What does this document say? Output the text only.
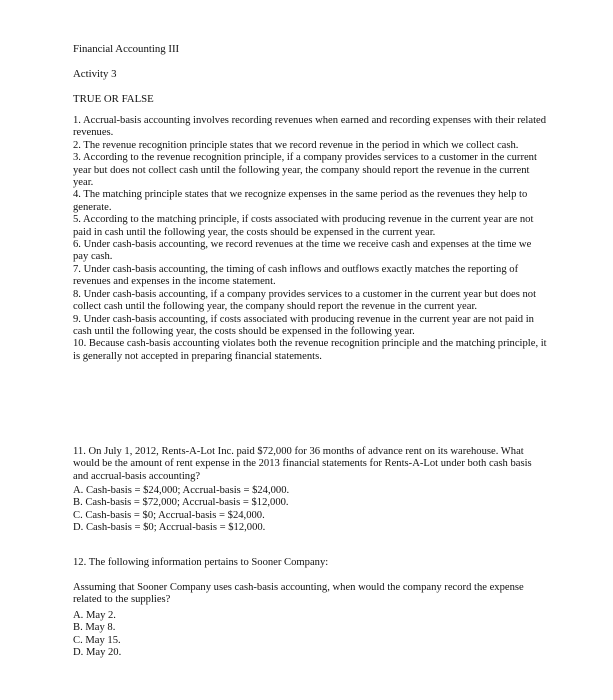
Financial Accounting III

Activity 3

TRUE OR FALSE

1. Accrual-basis accounting involves recording revenues when earned and recording expenses with their related revenues.

2. The revenue recognition principle states that we record revenue in the period in which we collect cash.

3. According to the revenue recognition principle, if a company provides services to a customer in the current year but does not collect cash until the following year, the company should report the revenue in the current year.

4. The matching principle states that we recognize expenses in the same period as the revenues they help to generate.

5. According to the matching principle, if costs associated with producing revenue in the current year are not paid in cash until the following year, the costs should be expensed in the current year.

6. Under cash-basis accounting, we record revenues at the time we receive cash and expenses at the time we pay cash.

7. Under cash-basis accounting, the timing of cash inflows and outflows exactly matches the reporting of revenues and expenses in the income statement.

8. Under cash-basis accounting, if a company provides services to a customer in the current year but does not collect cash until the following year, the company should report the revenue in the current year.

9. Under cash-basis accounting, if costs associated with producing revenue in the current year are not paid in cash until the following year, the costs should be expensed in the following year.

10. Because cash-basis accounting violates both the revenue recognition principle and the matching principle, it is generally not accepted in preparing financial statements.

11. On July 1, 2012, Rents-A-Lot Inc. paid $72,000 for 36 months of advance rent on its warehouse. What would be the amount of rent expense in the 2013 financial statements for Rents-A-Lot under both cash basis and accrual-basis accounting?

A. Cash-basis = $24,000; Accrual-basis = $24,000.

B. Cash-basis = $72,000; Accrual-basis = $12,000.

C. Cash-basis = $0; Accrual-basis = $24,000.

D. Cash-basis = $0; Accrual-basis = $12,000.

12. The following information pertains to Sooner Company:

Assuming that Sooner Company uses cash-basis accounting, when would the company record the expense related to the supplies?

A. May 2.

B. May 8.

C. May 15.

D. May 20.
